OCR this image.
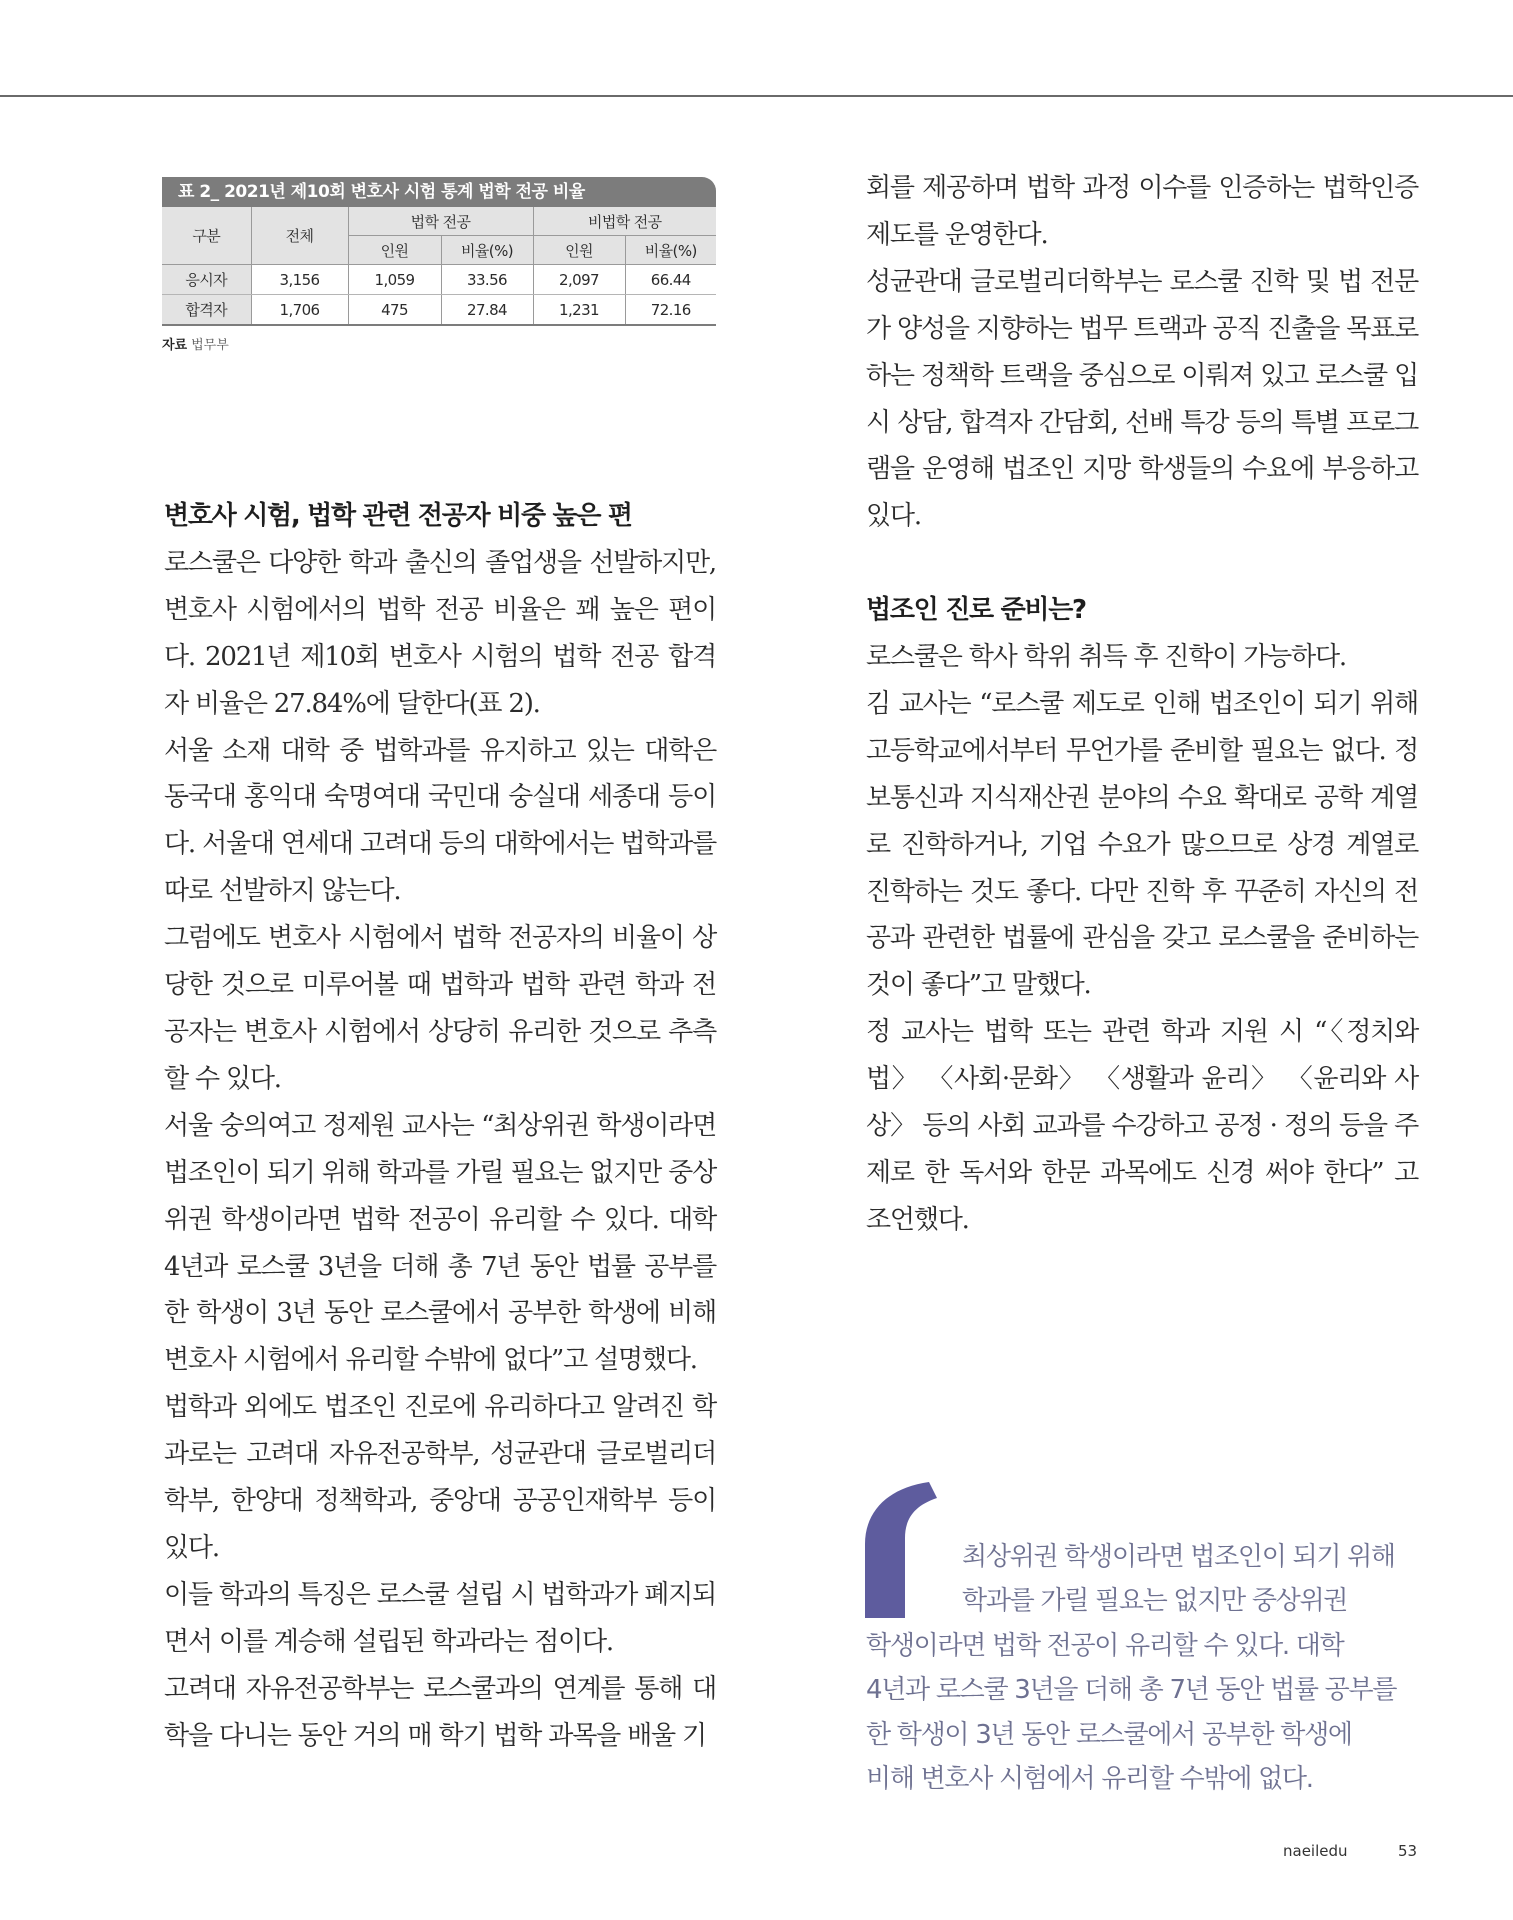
표 2_ 2021년 제10회 변호사 시험 통계 법학 전공 비율
구분	전체	법학 전공		비법학 전공	
		인원	비율(%)	인원	비율(%)
응시자	3,156	1,059	33.56	2,097	66.44
합격자	1,706	475	27.84	1,231	72.16
자료 법무부
변호사 시험, 법학 관련 전공자 비중 높은 편

로스쿨은 다양한 학과 출신의 졸업생을 선발하지만, 변호사 시험에서의 법학 전공 비율은 꽤 높은 편이다. 2021년 제10회 변호사 시험의 법학 전공 합격자 비율은 27.84%에 달한다(표 2).

서울 소재 대학 중 법학과를 유지하고 있는 대학은 동국대 홍익대 숙명여대 국민대 숭실대 세종대 등이다. 서울대 연세대 고려대 등의 대학에서는 법학과를 따로 선발하지 않는다.

그럼에도 변호사 시험에서 법학 전공자의 비율이 상당한 것으로 미루어볼 때 법학과 법학 관련 학과 전공자는 변호사 시험에서 상당히 유리한 것으로 추측할 수 있다.

서울 숭의여고 정제원 교사는 “최상위권 학생이라면 법조인이 되기 위해 학과를 가릴 필요는 없지만 중상위권 학생이라면 법학 전공이 유리할 수 있다. 대학 4년과 로스쿨 3년을 더해 총 7년 동안 법률 공부를 한 학생이 3년 동안 로스쿨에서 공부한 학생에 비해 변호사 시험에서 유리할 수밖에 없다”고 설명했다.

법학과 외에도 법조인 진로에 유리하다고 알려진 학과로는 고려대 자유전공학부, 성균관대 글로벌리더학부, 한양대 정책학과, 중앙대 공공인재학부 등이 있다.

이들 학과의 특징은 로스쿨 설립 시 법학과가 폐지되면서 이를 계승해 설립된 학과라는 점이다.

고려대 자유전공학부는 로스쿨과의 연계를 통해 대학을 다니는 동안 거의 매 학기 법학 과목을 배울 기

회를 제공하며 법학 과정 이수를 인증하는 법학인증제도를 운영한다.

성균관대 글로벌리더학부는 로스쿨 진학 및 법 전문가 양성을 지향하는 법무 트랙과 공직 진출을 목표로 하는 정책학 트랙을 중심으로 이뤄져 있고 로스쿨 입시 상담, 합격자 간담회, 선배 특강 등의 특별 프로그램을 운영해 법조인 지망 학생들의 수요에 부응하고 있다.

법조인 진로 준비는?

로스쿨은 학사 학위 취득 후 진학이 가능하다.

김 교사는 “로스쿨 제도로 인해 법조인이 되기 위해 고등학교에서부터 무언가를 준비할 필요는 없다. 정보통신과 지식재산권 분야의 수요 확대로 공학 계열로 진학하거나, 기업 수요가 많으므로 상경 계열로 진학하는 것도 좋다. 다만 진학 후 꾸준히 자신의 전공과 관련한 법률에 관심을 갖고 로스쿨을 준비하는 것이 좋다”고 말했다.

정 교사는 법학 또는 관련 학과 지원 시 “〈정치와 법〉 〈사회·문화〉 〈생활과 윤리〉 〈윤리와 사상〉 등의 사회 교과를 수강하고 공정 · 정의 등을 주제로 한 독서와 한문 과목에도 신경 써야 한다” 고 조언했다.

최상위권 학생이라면 법조인이 되기 위해
학과를 가릴 필요는 없지만 중상위권
학생이라면 법학 전공이 유리할 수 있다. 대학
4년과 로스쿨 3년을 더해 총 7년 동안 법률 공부를
한 학생이 3년 동안 로스쿨에서 공부한 학생에
비해 변호사 시험에서 유리할 수밖에 없다.
naeiledu	53
